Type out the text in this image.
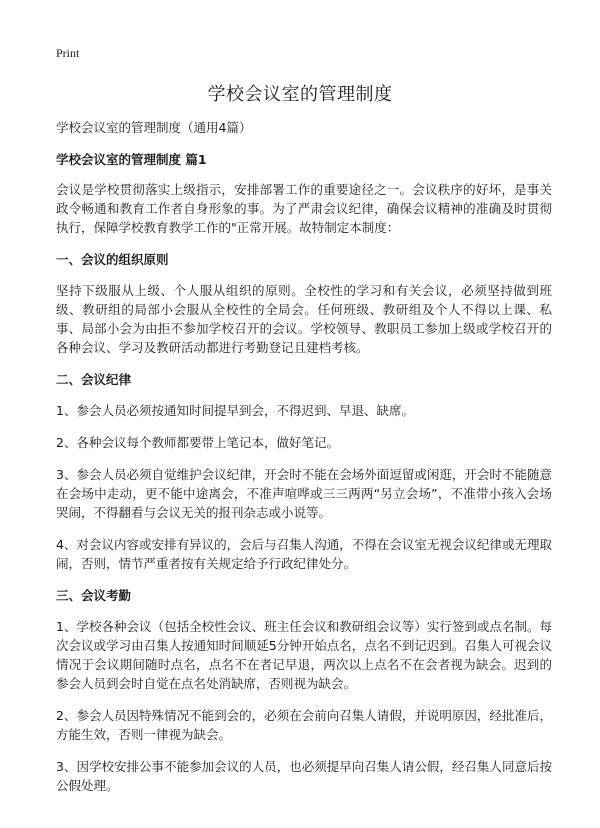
Print
学校会议室的管理制度

学校会议室的管理制度（通用4篇）

学校会议室的管理制度 篇1

会议是学校贯彻落实上级指示，安排部署工作的重要途径之一。会议秩序的好坏，是事关政令畅通和教育工作者自身形象的事。为了严肃会议纪律，确保会议精神的准确及时贯彻执行，保障学校教育教学工作的"正常开展。故特制定本制度：

一、会议的组织原则

坚持下级服从上级、个人服从组织的原则。全校性的学习和有关会议，必须坚持做到班级、教研组的局部小会服从全校性的全局会。任何班级、教研组及个人不得以上课、私事、局部小会为由拒不参加学校召开的会议。学校领导、教职员工参加上级或学校召开的各种会议、学习及教研活动都进行考勤登记且建档考核。

二、会议纪律

1、参会人员必须按通知时间提早到会，不得迟到、早退、缺席。

2、各种会议每个教师都要带上笔记本，做好笔记。

3、参会人员必须自觉维护会议纪律，开会时不能在会场外面逗留或闲逛，开会时不能随意在会场中走动，更不能中途离会，不准声喧哗或三三两两“另立会场”，不准带小孩入会场哭闹，不得翻看与会议无关的报刊杂志或小说等。

4、对会议内容或安排有异议的，会后与召集人沟通，不得在会议室无视会议纪律或无理取闹，否则，情节严重者按有关规定给予行政纪律处分。

三、会议考勤

1、学校各种会议（包括全校性会议、班主任会议和教研组会议等）实行签到或点名制。每次会议或学习由召集人按通知时间顺延5分钟开始点名，点名不到记迟到。召集人可视会议情况于会议期间随时点名，点名不在者记早退，两次以上点名不在会者视为缺会。迟到的参会人员到会时自觉在点名处消缺席，否则视为缺会。

2、参会人员因特殊情况不能到会的，必须在会前向召集人请假，并说明原因，经批准后，方能生效，否则一律视为缺会。

3、因学校安排公事不能参加会议的人员，也必须提早向召集人请公假，经召集人同意后按公假处理。
